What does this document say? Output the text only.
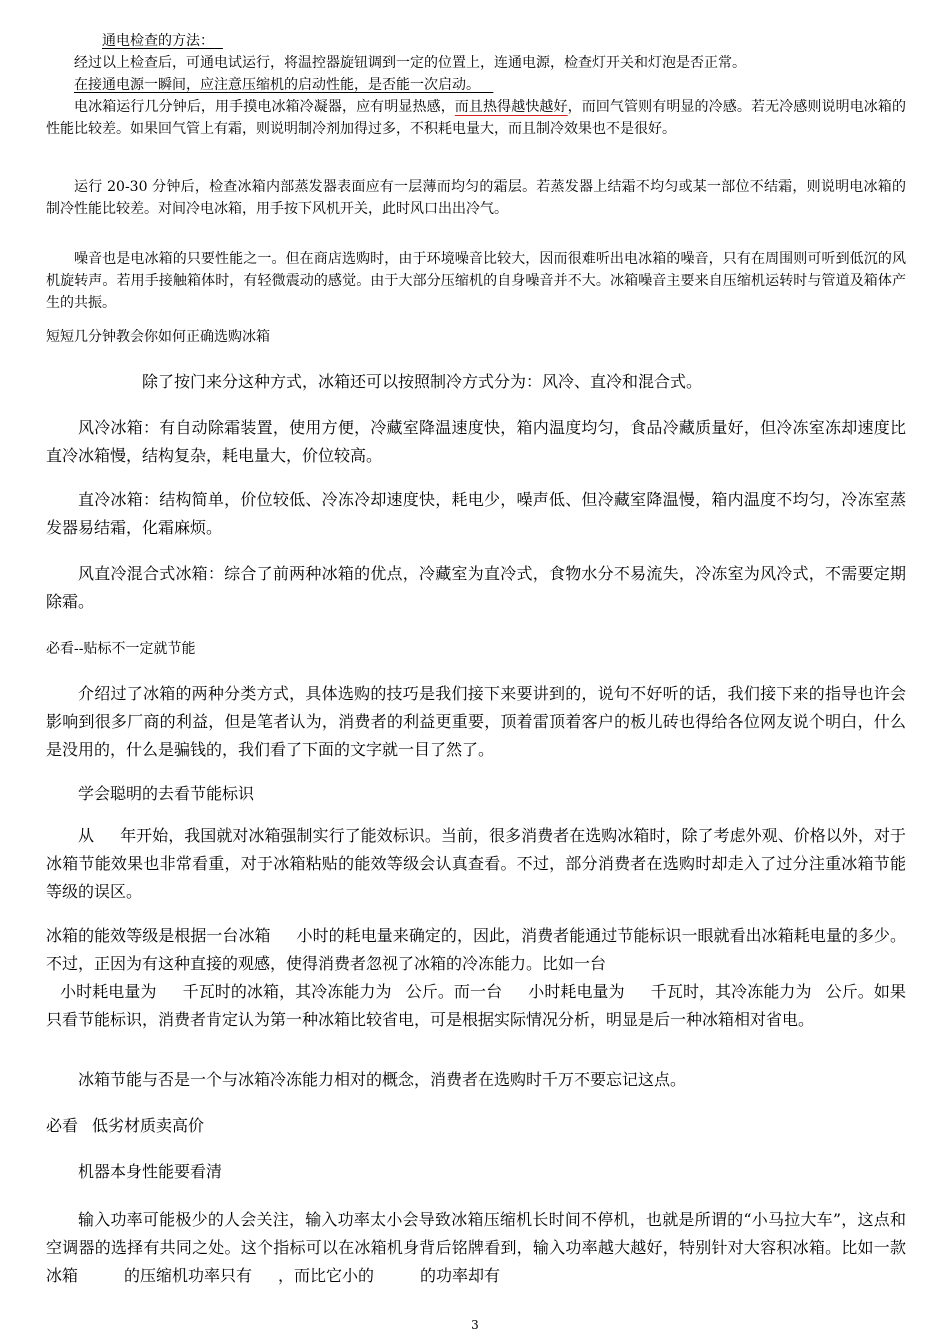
通电检查的方法：

经过以上检查后，可通电试运行，将温控器旋钮调到一定的位置上，连通电源，检查灯开关和灯泡是否正常。

在接通电源一瞬间，应注意压缩机的启动性能，是否能一次启动。

电冰箱运行几分钟后，用手摸电冰箱冷凝器，应有明显热感，而且热得越快越好，而回气管则有明显的冷感。若无冷感则说明电冰箱的性能比较差。如果回气管上有霜，则说明制冷剂加得过多，不积耗电量大，而且制冷效果也不是很好。

运行 20-30 分钟后，检查冰箱内部蒸发器表面应有一层薄而均匀的霜层。若蒸发器上结霜不均匀或某一部位不结霜，则说明电冰箱的制冷性能比较差。对间冷电冰箱，用手按下风机开关，此时风口出出冷气。

噪音也是电冰箱的只要性能之一。但在商店选购时，由于环境噪音比较大，因而很难听出电冰箱的噪音，只有在周围则可听到低沉的风机旋转声。若用手接触箱体时，有轻微震动的感觉。由于大部分压缩机的自身噪音并不大。冰箱噪音主要来自压缩机运转时与管道及箱体产生的共振。

短短几分钟教会你如何正确选购冰箱

除了按门来分这种方式，冰箱还可以按照制冷方式分为：风冷、直冷和混合式。

风冷冰箱：有自动除霜装置，使用方便，冷藏室降温速度快，箱内温度均匀，食品冷藏质量好，但冷冻室冻却速度比直冷冰箱慢，结构复杂，耗电量大，价位较高。

直冷冰箱：结构简单，价位较低、冷冻冷却速度快，耗电少，噪声低、但冷藏室降温慢，箱内温度不均匀，冷冻室蒸发器易结霜，化霜麻烦。

风直冷混合式冰箱：综合了前两种冰箱的优点，冷藏室为直冷式，食物水分不易流失，冷冻室为风冷式，不需要定期除霜。

必看--贴标不一定就节能

介绍过了冰箱的两种分类方式，具体选购的技巧是我们接下来要讲到的，说句不好听的话，我们接下来的指导也许会影响到很多厂商的利益，但是笔者认为，消费者的利益更重要，顶着雷顶着客户的板儿砖也得给各位网友说个明白，什么是没用的，什么是骗钱的，我们看了下面的文字就一目了然了。

学会聪明的去看节能标识

从 年开始，我国就对冰箱强制实行了能效标识。当前，很多消费者在选购冰箱时，除了考虑外观、价格以外，对于冰箱节能效果也非常看重，对于冰箱粘贴的能效等级会认真查看。不过，部分消费者在选购时却走入了过分注重冰箱节能等级的误区。

冰箱的能效等级是根据一台冰箱 小时的耗电量来确定的，因此，消费者能通过节能标识一眼就看出冰箱耗电量的多少。不过，正因为有这种直接的观感，使得消费者忽视了冰箱的冷冻能力。比如一台
小时耗电量为 千瓦时的冰箱，其冷冻能力为 公斤。而一台 小时耗电量为 千瓦时，其冷冻能力为 公斤。如果只看节能标识，消费者肯定认为第一种冰箱比较省电，可是根据实际情况分析，明显是后一种冰箱相对省电。

冰箱节能与否是一个与冰箱冷冻能力相对的概念，消费者在选购时千万不要忘记这点。

必看 低劣材质卖高价

机器本身性能要看清

输入功率可能极少的人会关注，输入功率太小会导致冰箱压缩机长时间不停机，也就是所谓的“小马拉大车”，这点和空调器的选择有共同之处。这个指标可以在冰箱机身背后铭牌看到，输入功率越大越好，特别针对大容积冰箱。比如一款冰箱	的压缩机功率只有 ，而比它小的	的功率却有

3
